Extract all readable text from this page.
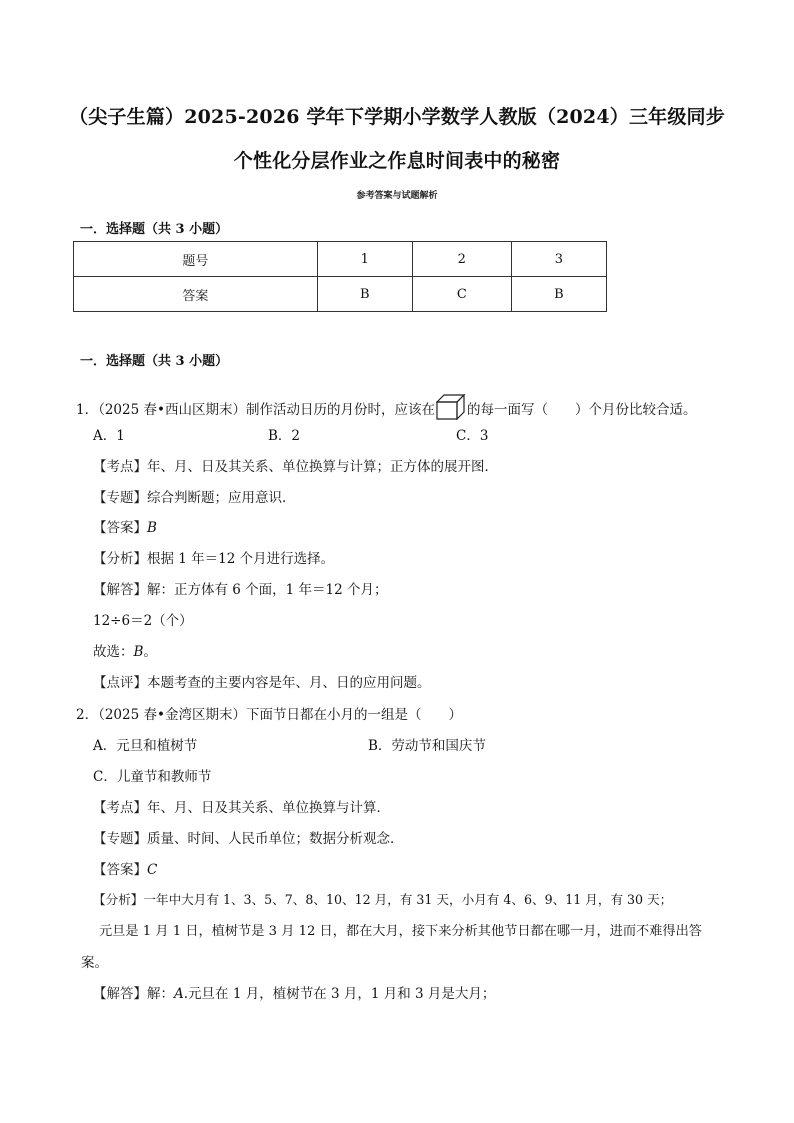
（尖子生篇）2025-2026 学年下学期小学数学人教版（2024）三年级同步
个性化分层作业之作息时间表中的秘密
参考答案与试题解析
一．选择题（共 3 小题）
题号	1	2	3
答案	B	C	B
一．选择题（共 3 小题）
1．（2025 春•西山区期末）制作活动日历的月份时，应该在 的每一面写（　　）个月份比较合适。
A．1	B．2	C．3
【考点】年、月、日及其关系、单位换算与计算；正方体的展开图．
【专题】综合判断题；应用意识．
【答案】B
【分析】根据 1 年＝12 个月进行选择。
【解答】解：正方体有 6 个面，1 年＝12 个月；
12÷6＝2（个）
故选：B。
【点评】本题考查的主要内容是年、月、日的应用问题。
2．（2025 春•金湾区期末）下面节日都在小月的一组是（　　）
A．元旦和植树节	B．劳动节和国庆节
C．儿童节和教师节
【考点】年、月、日及其关系、单位换算与计算．
【专题】质量、时间、人民币单位；数据分析观念．
【答案】C
【分析】一年中大月有 1、3、5、7、8、10、12 月，有 31 天，小月有 4、6、9、11 月，有 30 天；
元旦是 1 月 1 日，植树节是 3 月 12 日，都在大月，接下来分析其他节日都在哪一月，进而不难得出答
案。
【解答】解：A.元旦在 1 月，植树节在 3 月，1 月和 3 月是大月；
